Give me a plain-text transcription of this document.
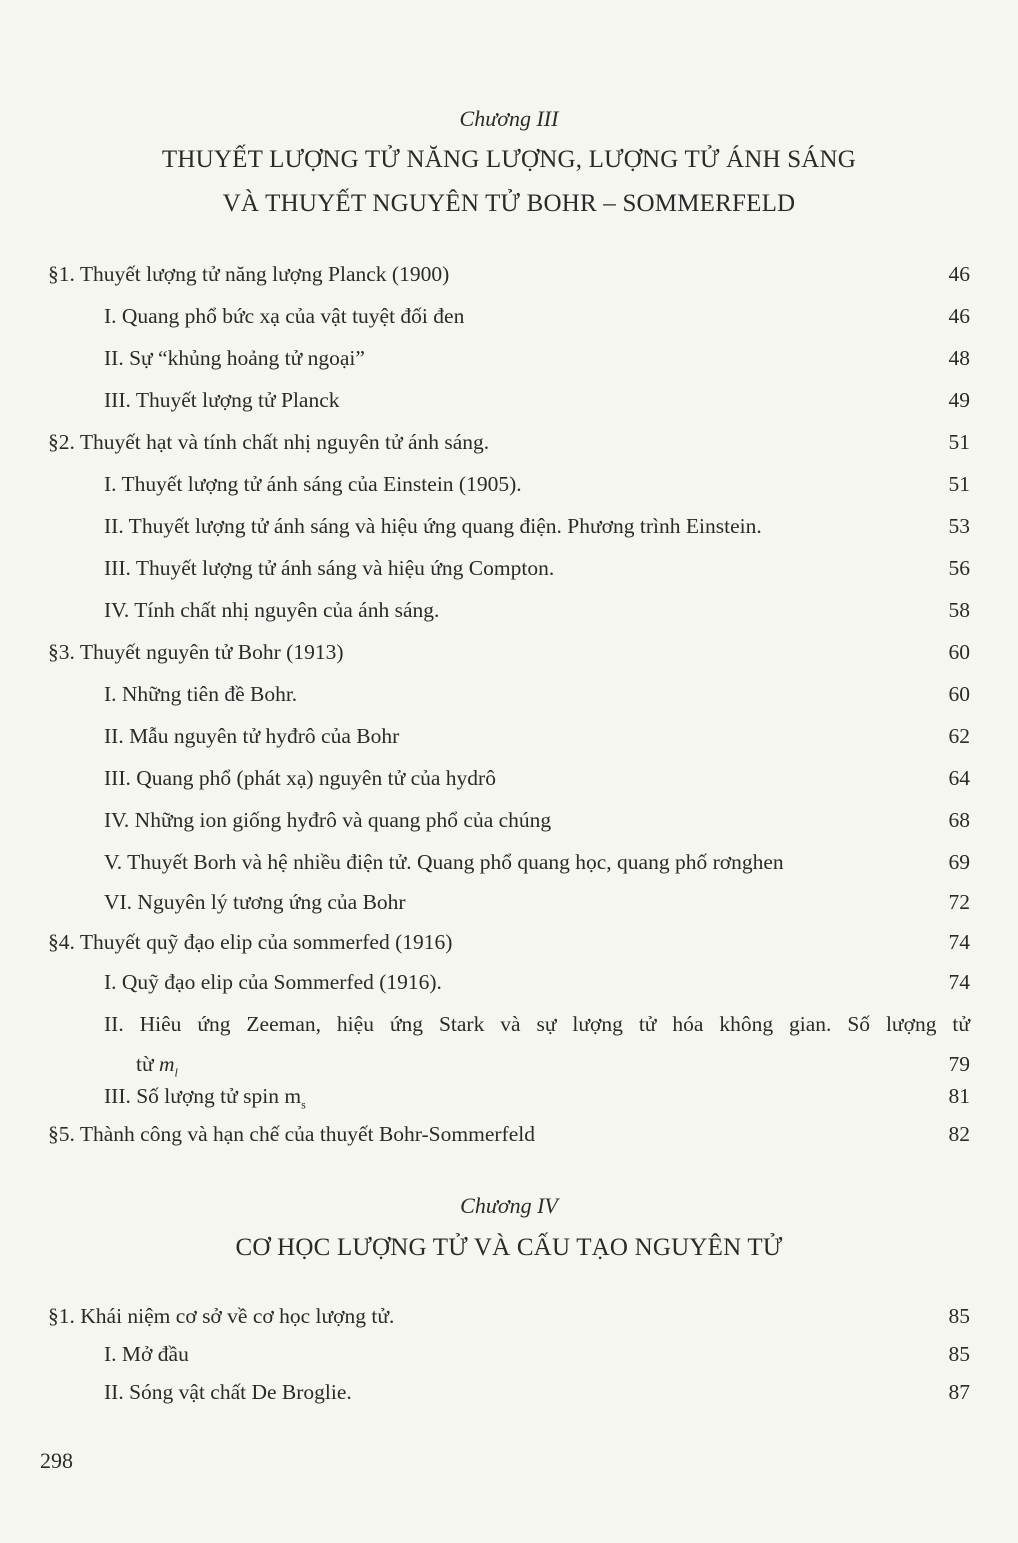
Chương III
THUYẾT LƯỢNG TỬ NĂNG LƯỢNG, LƯỢNG TỬ ÁNH SÁNG
VÀ THUYẾT NGUYÊN TỬ BOHR – SOMMERFELD
§1. Thuyết lượng tử năng lượng Planck (1900)	46
I. Quang phổ bức xạ của vật tuyệt đối đen	46
II. Sự “khủng hoảng tử ngoại”	48
III. Thuyết lượng tử Planck	49
§2. Thuyết hạt và tính chất nhị nguyên tử ánh sáng.	51
I. Thuyết lượng tử ánh sáng của Einstein (1905).	51
II. Thuyết lượng tử ánh sáng và hiệu ứng quang điện. Phương trình Einstein.	53
III. Thuyết lượng tử ánh sáng và hiệu ứng Compton.	56
IV. Tính chất nhị nguyên của ánh sáng.	58
§3. Thuyết nguyên tử Bohr (1913)	60
I. Những tiên đề Bohr.	60
II. Mẫu nguyên tử hyđrô của Bohr	62
III. Quang phổ (phát xạ) nguyên tử của hydrô	64
IV. Những ion giống hyđrô và quang phổ của chúng	68
V. Thuyết Borh và hệ nhiều điện tử. Quang phổ quang học, quang phố rơnghen	69
VI. Nguyên lý tương ứng của Bohr	72
§4. Thuyết quỹ đạo elip của sommerfed (1916)	74
I. Quỹ đạo elip của Sommerfed (1916).	74
II. Hiêu ứng Zeeman, hiệu ứng Stark và sự lượng tử hóa không gian. Số lượng tử
từ $m_l$	79
III. Số lượng tử spin $m_s$	81
§5. Thành công và hạn chế của thuyết Bohr-Sommerfeld	82
Chương IV
CƠ HỌC LƯỢNG TỬ VÀ CẤU TẠO NGUYÊN TỬ
§1. Khái niệm cơ sở về cơ học lượng tử.	85
I. Mở đầu	85
II. Sóng vật chất De Broglie.	87
298
